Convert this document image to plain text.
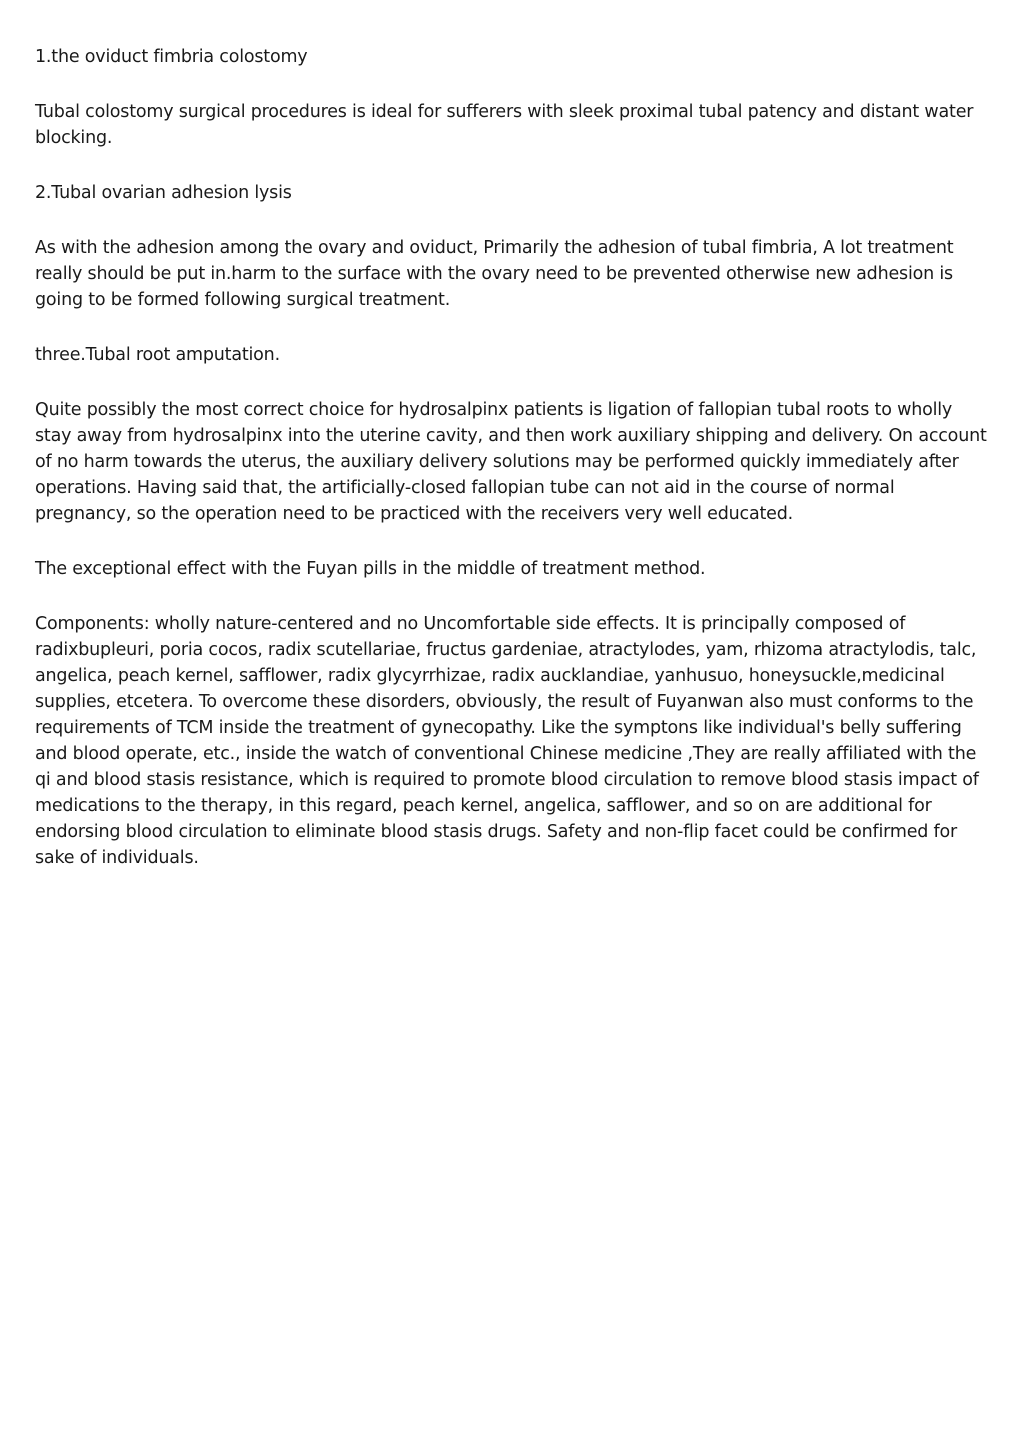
1.the oviduct fimbria colostomy

Tubal colostomy surgical procedures is ideal for sufferers with sleek proximal tubal patency and distant water blocking.

2.Tubal ovarian adhesion lysis

As with the adhesion among the ovary and oviduct, Primarily the adhesion of tubal fimbria, A lot treatment really should be put in.harm to the surface with the ovary need to be prevented otherwise new adhesion is going to be formed following surgical treatment.

three.Tubal root amputation.

Quite possibly the most correct choice for hydrosalpinx patients is ligation of fallopian tubal roots to wholly stay away from hydrosalpinx into the uterine cavity, and then work auxiliary shipping and delivery. On account of no harm towards the uterus, the auxiliary delivery solutions may be performed quickly immediately after operations. Having said that, the artificially-closed fallopian tube can not aid in the course of normal pregnancy, so the operation need to be practiced with the receivers very well educated.

The exceptional effect with the Fuyan pills in the middle of treatment method.

Components: wholly nature-centered and no Uncomfortable side effects. It is principally composed of radixbupleuri, poria cocos, radix scutellariae, fructus gardeniae, atractylodes, yam, rhizoma atractylodis, talc, angelica, peach kernel, safflower, radix glycyrrhizae, radix aucklandiae, yanhusuo, honeysuckle,medicinal supplies, etcetera. To overcome these disorders, obviously, the result of Fuyanwan also must conforms to the requirements of TCM inside the treatment of gynecopathy. Like the symptons like individual's belly suffering and blood operate, etc., inside the watch of conventional Chinese medicine ,They are really affiliated with the qi and blood stasis resistance, which is required to promote blood circulation to remove blood stasis impact of medications to the therapy, in this regard, peach kernel, angelica, safflower, and so on are additional for endorsing blood circulation to eliminate blood stasis drugs. Safety and non-flip facet could be confirmed for sake of individuals.
